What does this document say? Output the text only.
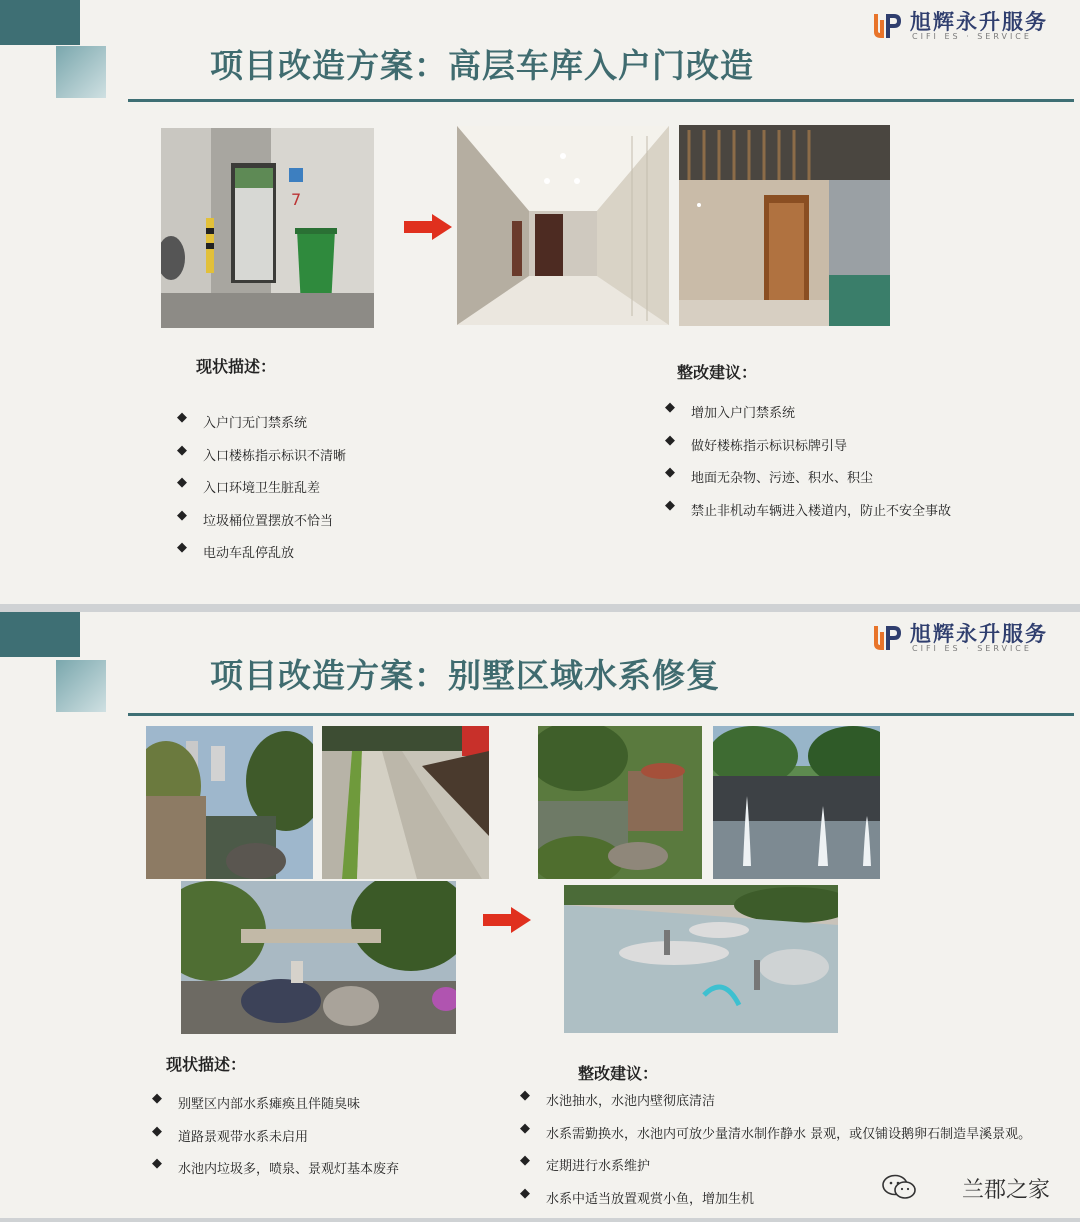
旭辉永升服务
CIFI ES · SERVICE
项目改造方案：高层车库入户门改造
7
现状描述：
◆ 入户门无门禁系统
◆ 入口楼栋指示标识不清晰
◆ 入口环境卫生脏乱差
◆ 垃圾桶位置摆放不恰当
◆ 电动车乱停乱放
整改建议：
◆ 增加入户门禁系统
◆ 做好楼栋指示标识标牌引导
◆ 地面无杂物、污迹、积水、积尘
◆ 禁止非机动车辆进入楼道内，防止不安全事故
旭辉永升服务
CIFI ES · SERVICE
项目改造方案：别墅区域水系修复
现状描述：
◆ 别墅区内部水系瘫痪且伴随臭味
◆ 道路景观带水系未启用
◆ 水池内垃圾多，喷泉、景观灯基本废弃
整改建议：
◆ 水池抽水，水池内壁彻底清洁
◆ 水系需勤换水，水池内可放少量清水制作静水 景观，或仅铺设鹅卵石制造旱溪景观。
◆ 定期进行水系维护
◆ 水系中适当放置观赏小鱼，增加生机	兰郡之家
